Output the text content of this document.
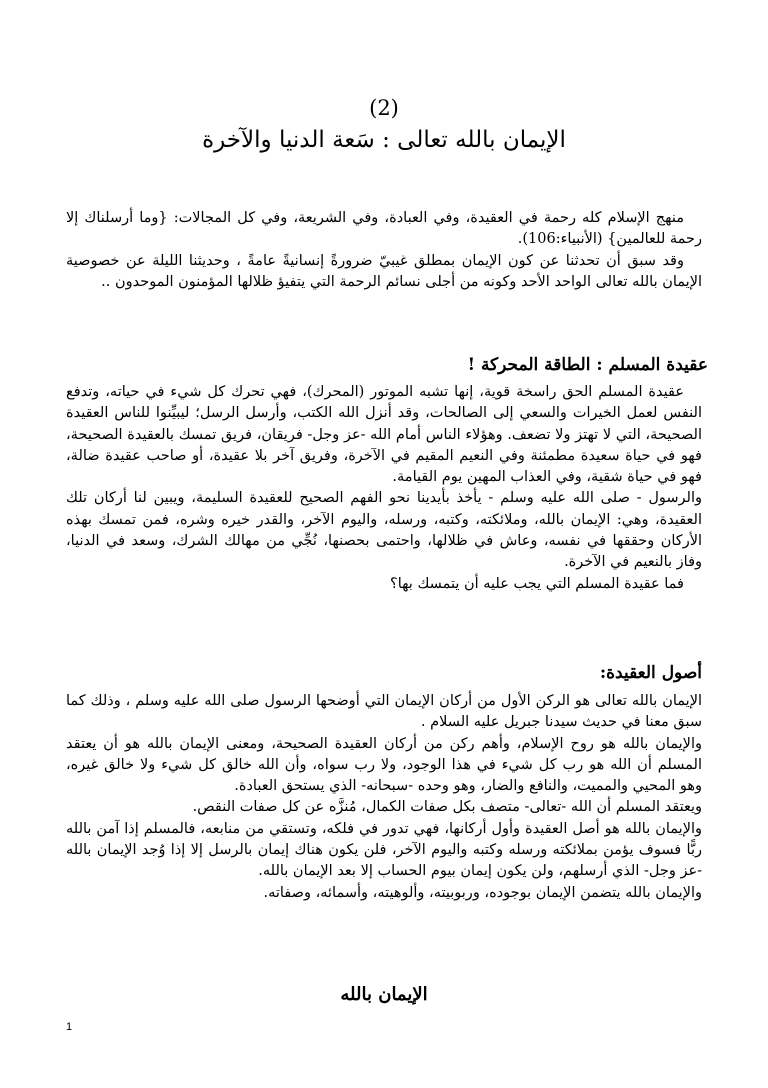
(2)
الإيمان بالله تعالى : سَعة الدنيا والآخرة

منهج الإسلام كله رحمة في العقيدة، وفي العبادة، وفي الشريعة، وفي كل المجالات: {وما أرسلناك إلا رحمة للعالمين} (الأنبياء:106).

وقد سبق أن تحدثنا عن كون الإيمان بمطلق غيبيّ ضرورةً إنسانيةً عامةً ، وحديثنا الليلة عن خصوصية الإيمان بالله تعالى الواحد الأحد وكونه من أجلى نسائم الرحمة التي يتفيؤ ظلالها المؤمنون الموحدون ..

عقيدة المسلم : الطاقة المحركة !

عقيدة المسلم الحق راسخة قوية، إنها تشبه الموتور (المحرك)، فهي تحرك كل شيء في حياته، وتدفع النفس لعمل الخيرات والسعي إلى الصالحات، وقد أنزل الله الكتب، وأرسل الرسل؛ ليبيِّنوا للناس العقيدة الصحيحة، التي لا تهتز ولا تضعف. وهؤلاء الناس أمام الله -عز وجل- فريقان، فريق تمسك بالعقيدة الصحيحة، فهو في حياة سعيدة مطمئنة وفي النعيم المقيم في الآخرة، وفريق آخر بلا عقيدة، أو صاحب عقيدة ضالة، فهو في حياة شقية، وفي العذاب المهين يوم القيامة.

والرسول - صلى الله عليه وسلم - يأخذ بأيدينا نحو الفهم الصحيح للعقيدة السليمة، ويبين لنا أركان تلك العقيدة، وهي: الإيمان بالله، وملائكته، وكتبه، ورسله، واليوم الآخر، والقدر خيره وشره، فمن تمسك بهذه الأركان وحققها في نفسه، وعاش في ظلالها، واحتمى بحصنها، نُجِّي من مهالك الشرك، وسعد في الدنيا، وفاز بالنعيم في الآخرة.

فما عقيدة المسلم التي يجب عليه أن يتمسك بها؟

أصول العقيدة:

الإيمان بالله تعالى هو الركن الأول من أركان الإيمان التي أوضحها الرسول صلى الله عليه وسلم ، وذلك كما سبق معنا في حديث سيدنا جبريل عليه السلام .

والإيمان بالله هو روح الإسلام، وأهم ركن من أركان العقيدة الصحيحة، ومعنى الإيمان بالله هو أن يعتقد المسلم أن الله هو رب كل شيء في هذا الوجود، ولا رب سواه، وأن الله خالق كل شيء ولا خالق غيره، وهو المحيي والمميت، والنافع والضار، وهو وحده -سبحانه- الذي يستحق العبادة.

ويعتقد المسلم أن الله -تعالى- متصف بكل صفات الكمال، مُنزَّه عن كل صفات النقص.

والإيمان بالله هو أصل العقيدة وأول أركانها، فهي تدور في فلكه، وتستقي من منابعه، فالمسلم إذا آمن بالله ربًّا فسوف يؤمن بملائكته ورسله وكتبه واليوم الآخر، فلن يكون هناك إيمان بالرسل إلا إذا وُجد الإيمان بالله -عز وجل- الذي أرسلهم، ولن يكون إيمان بيوم الحساب إلا بعد الإيمان بالله.

والإيمان بالله يتضمن الإيمان بوجوده، وربوبيته، وألوهيته، وأسمائه، وصفاته.

الإيمان بالله
1
